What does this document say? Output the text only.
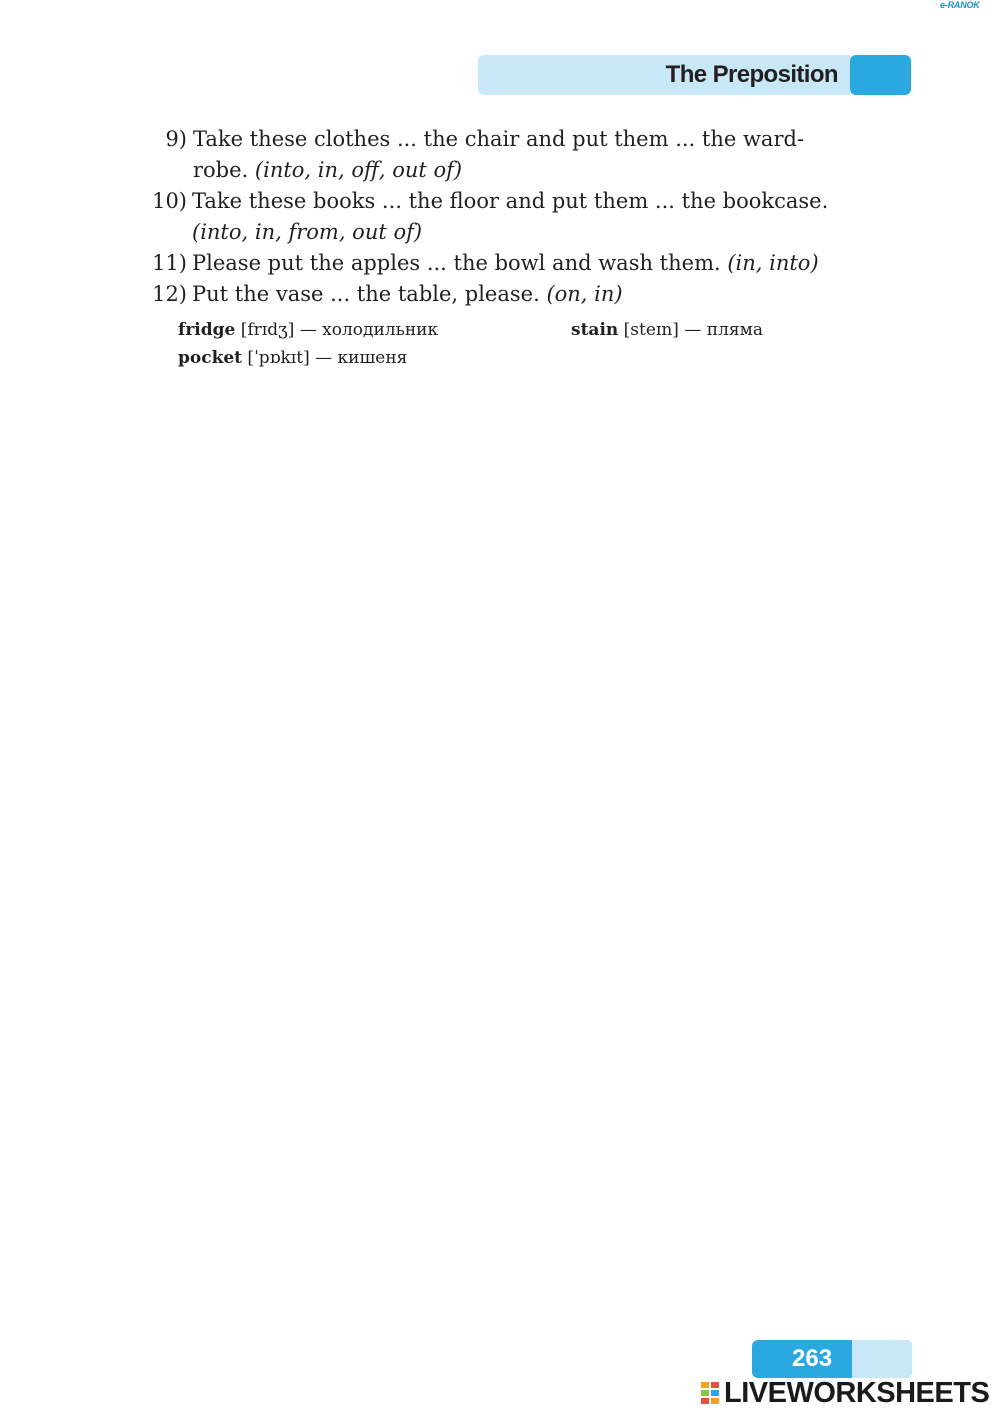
e-RANOK
The Preposition
9) Take these clothes ... the chair and put them ... the ward-
robe. (into, in, off, out of)
10) Take these books ... the floor and put them ... the bookcase.
(into, in, from, out of)
11) Please put the apples ... the bowl and wash them. (in, into)
12) Put the vase ... the table, please. (on, in)
fridge [frɪdʒ] — холодильник	stain [steɪn] — пляма
pocket [ˈpɒkɪt] — кишеня
263
LIVEWORKSHEETS
